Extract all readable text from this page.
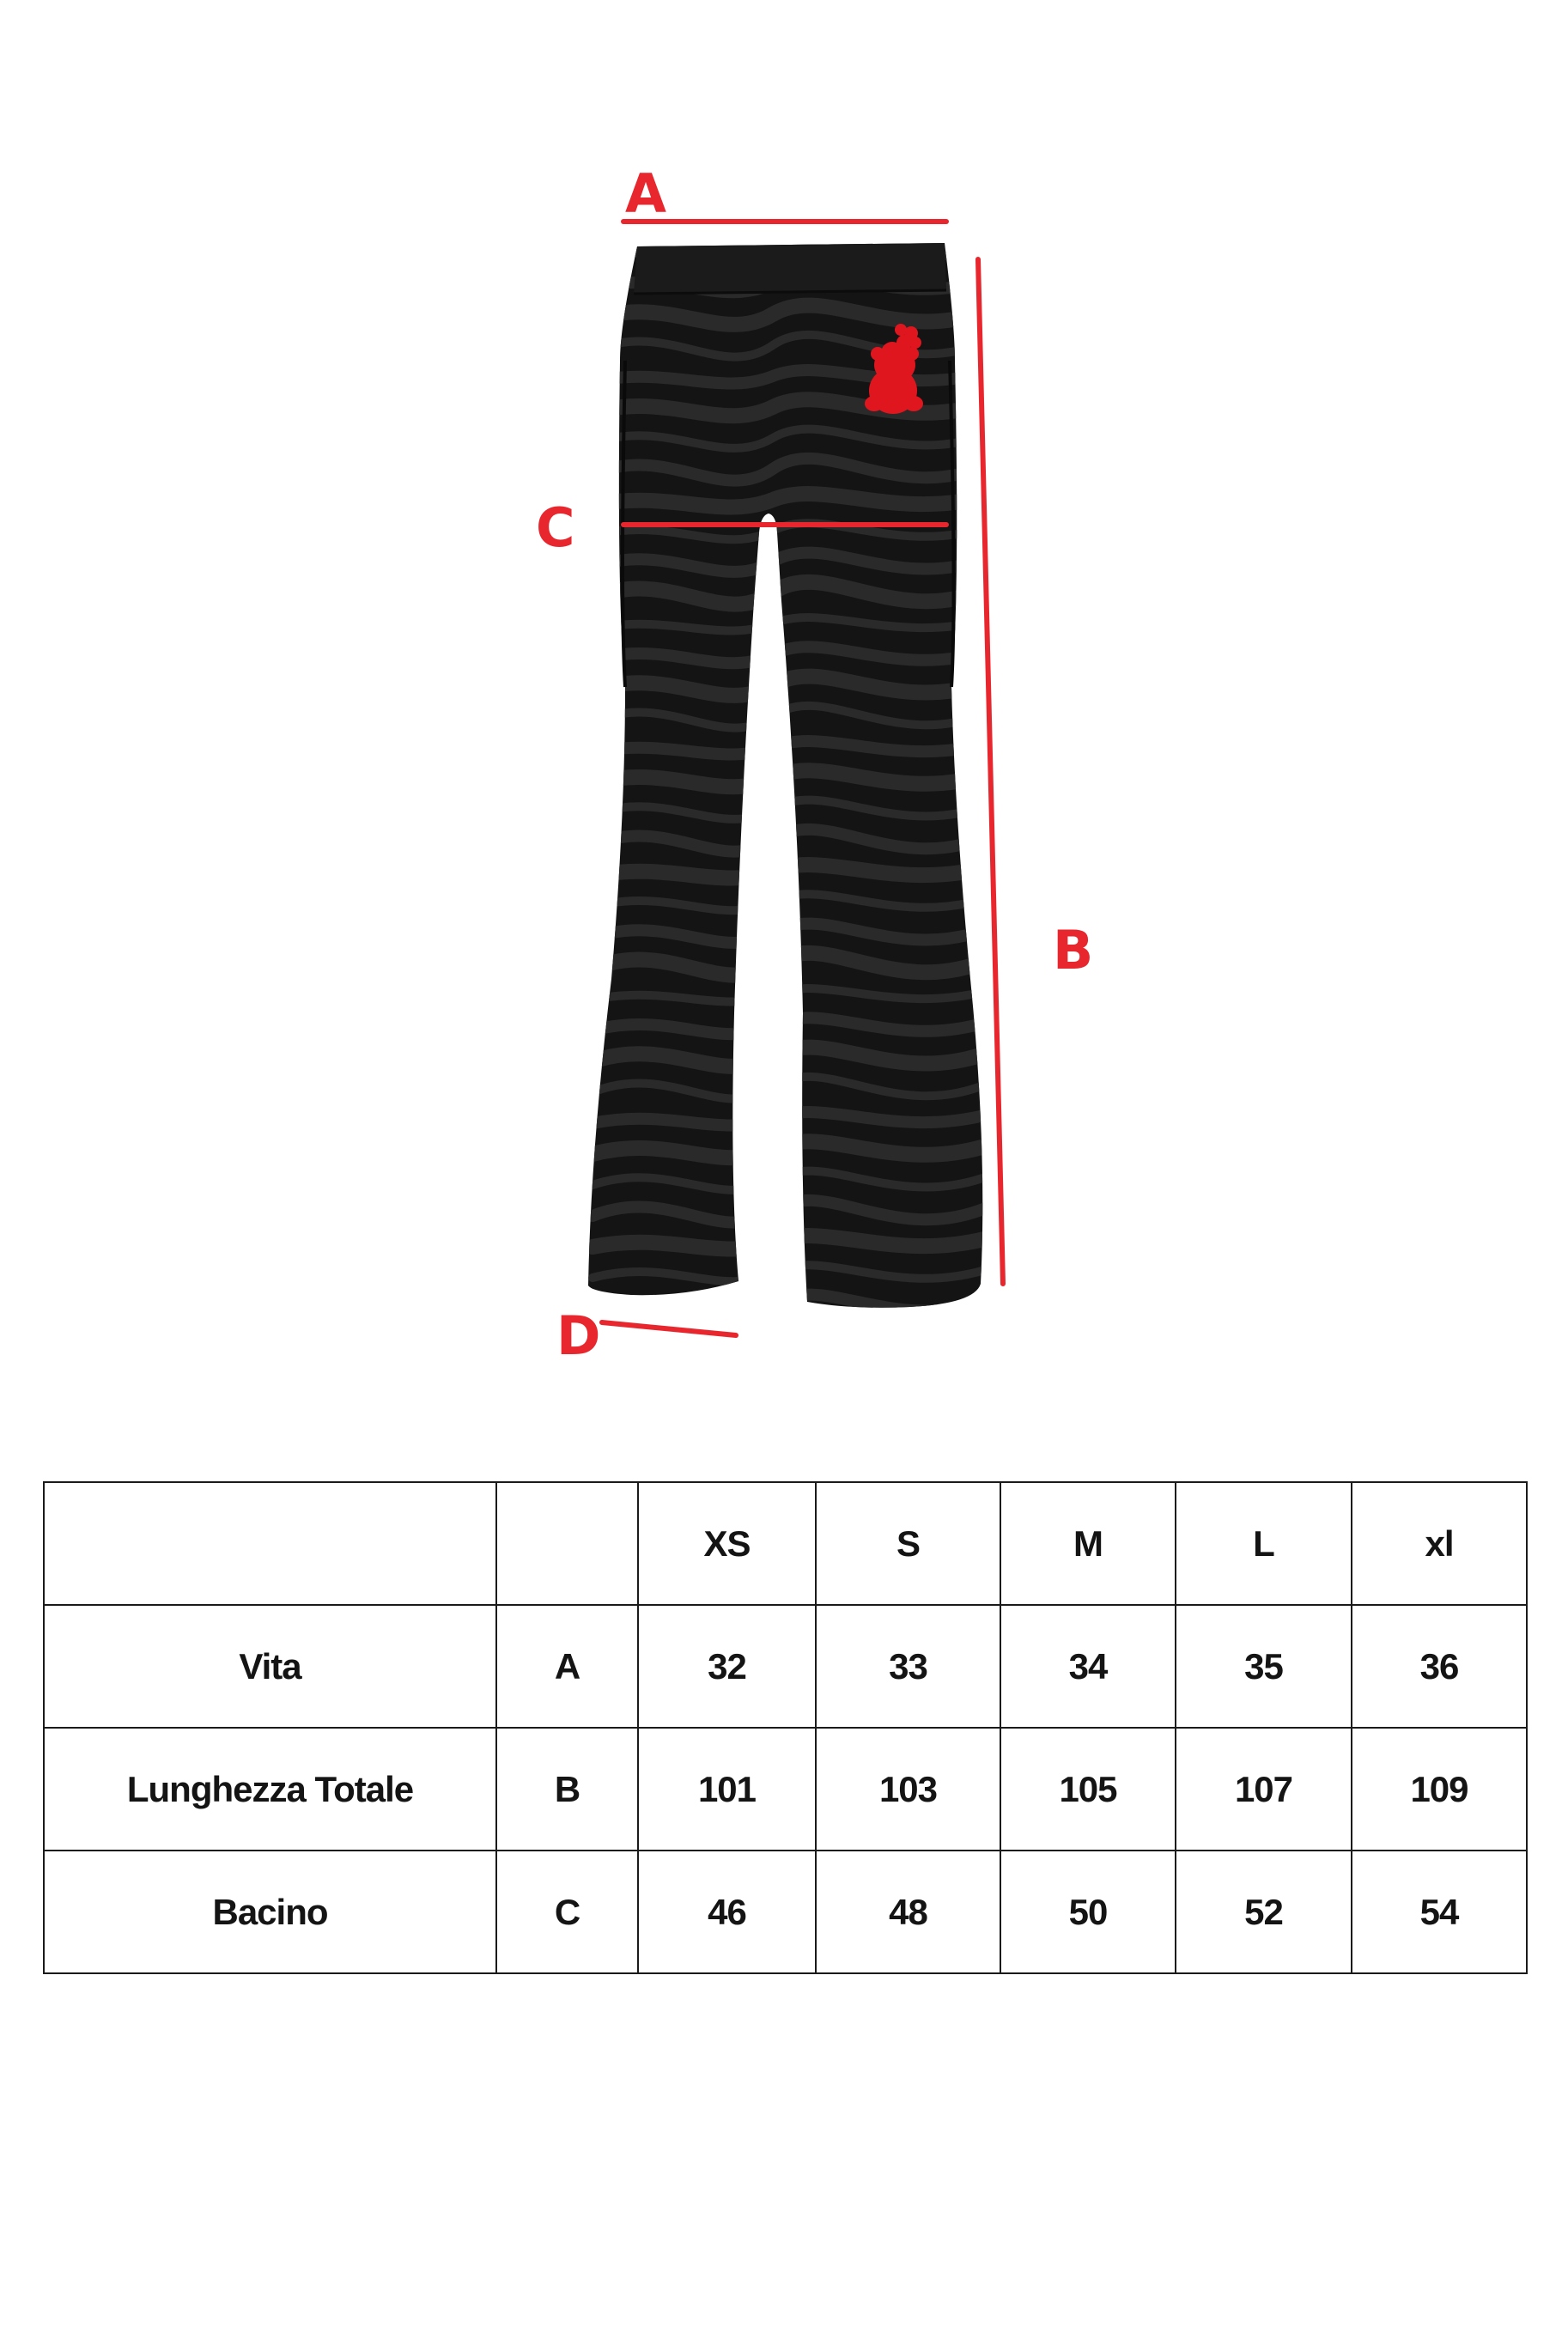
A
B
C
D
		XS	S	M	L	xl
Vita	A	32	33	34	35	36
Lunghezza Totale	B	101	103	105	107	109
Bacino	C	46	48	50	52	54
